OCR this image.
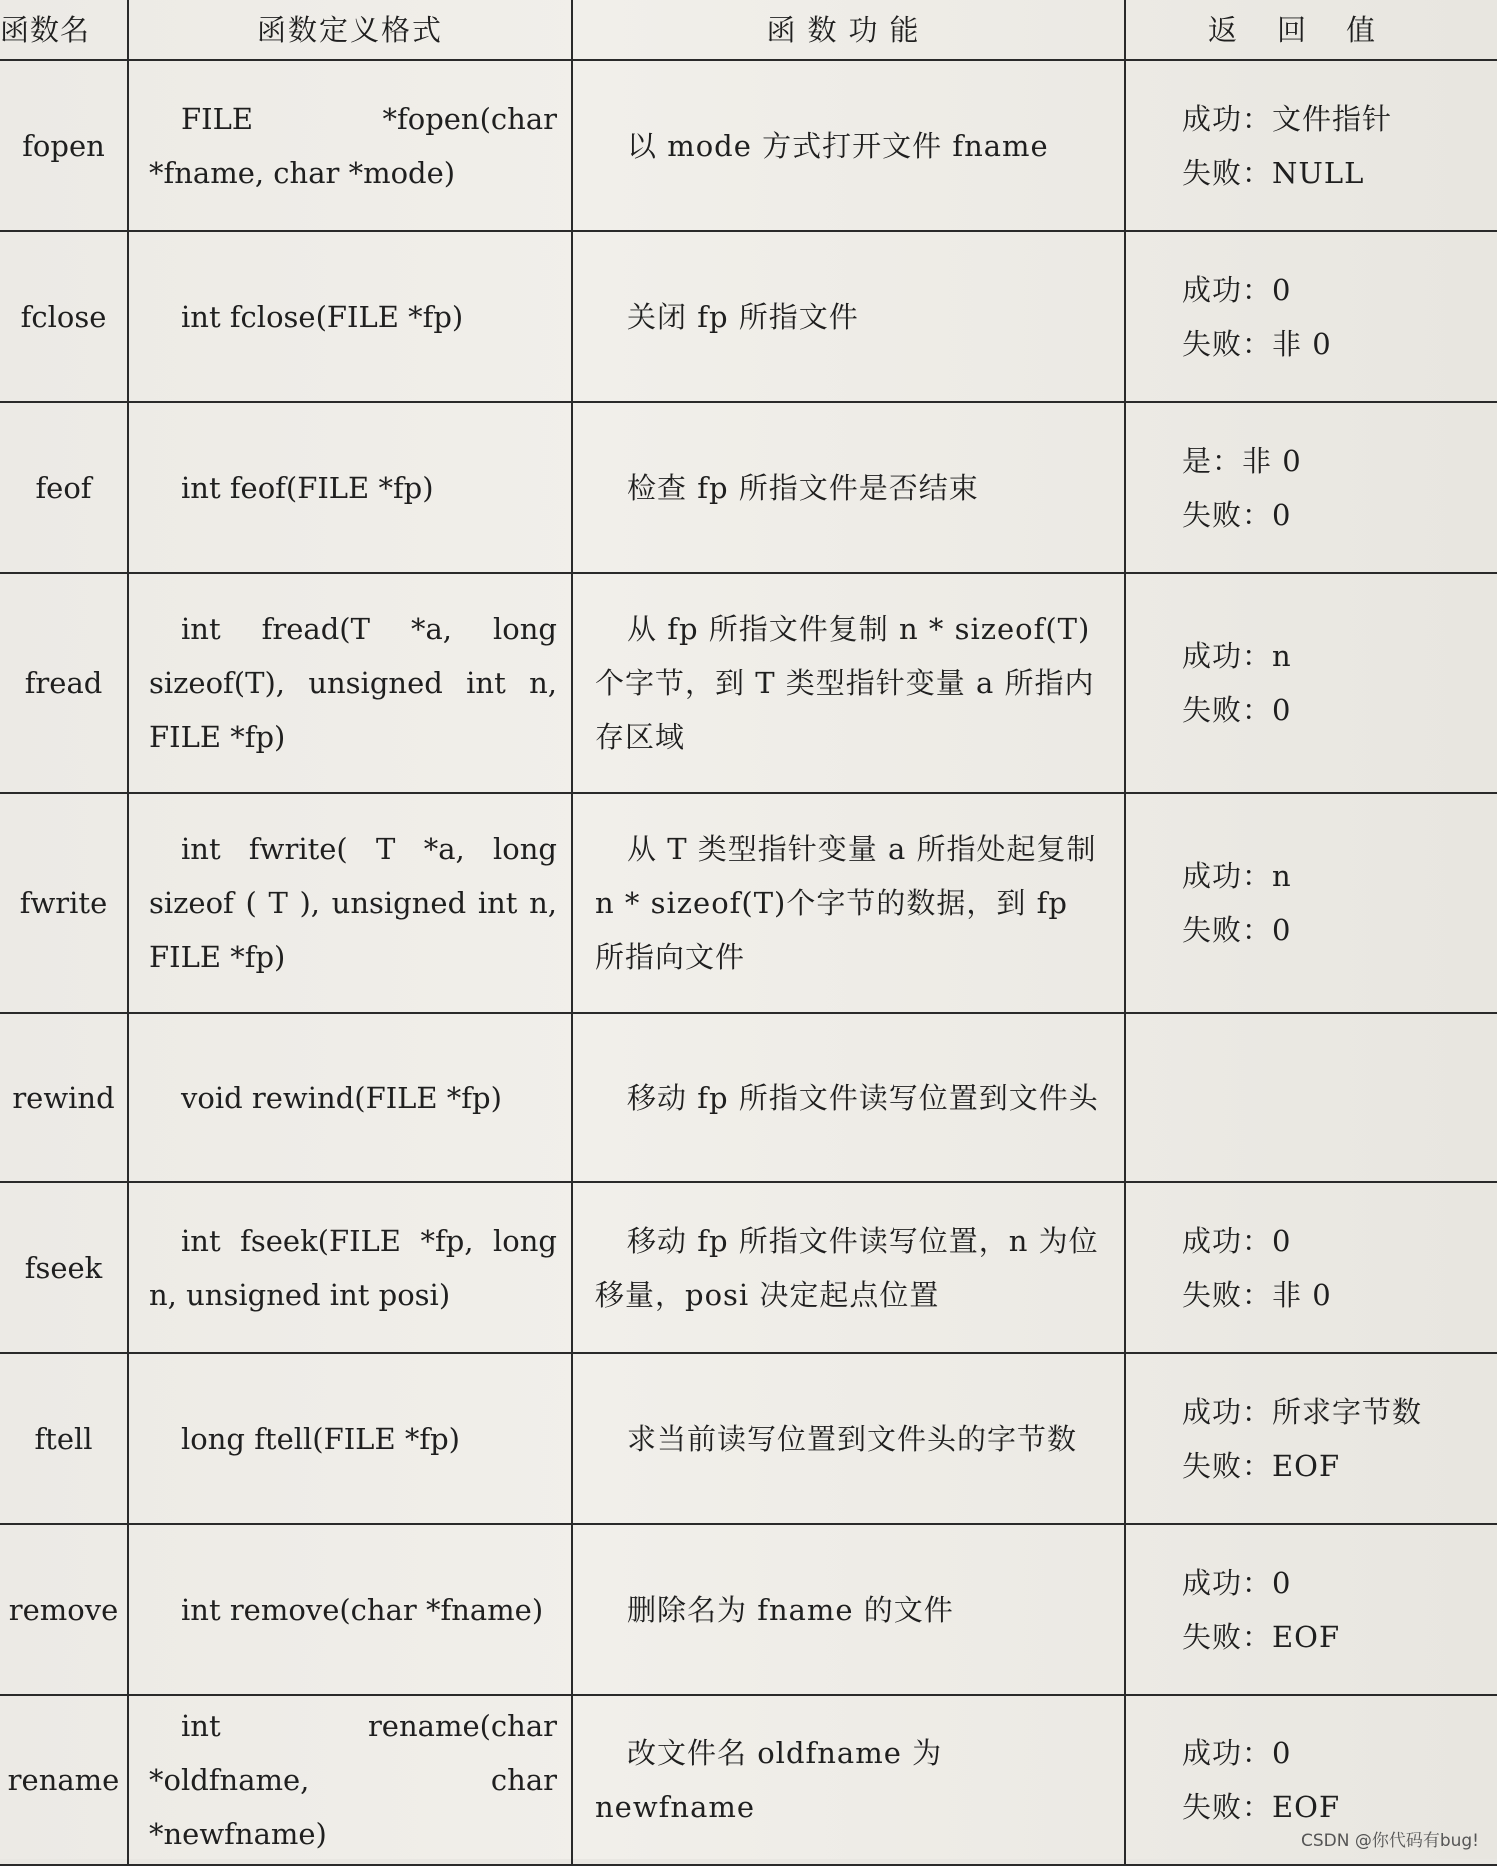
函数名	函数定义格式	函数功能	返回值
fopen	FILE *fopen(char *fname, char *mode)	以 mode 方式打开文件 fname	成功：文件指针
失败：NULL

fclose	int fclose(FILE *fp)	关闭 fp 所指文件	成功：0
失败：非 0

feof	int feof(FILE *fp)	检查 fp 所指文件是否结束	是：非 0
失败：0

fread	int fread(T *a, long sizeof(T), unsigned int n, FILE *fp)	从 fp 所指文件复制 n * sizeof(T) 个字节，到 T 类型指针变量 a 所指内存区域	成功：n
失败：0

fwrite	int fwrite( T *a, long sizeof ( T ), unsigned int n, FILE *fp)	从 T 类型指针变量 a 所指处起复制 n * sizeof(T)个字节的数据，到 fp 所指向文件	成功：n
失败：0

rewind	void rewind(FILE *fp)	移动 fp 所指文件读写位置到文件头	

fseek	int fseek(FILE *fp, long n, unsigned int posi)	移动 fp 所指文件读写位置，n 为位移量，posi 决定起点位置	成功：0
失败：非 0

ftell	long ftell(FILE *fp)	求当前读写位置到文件头的字节数	成功：所求字节数
失败：EOF

remove	int remove(char *fname)	删除名为 fname 的文件	成功：0
失败：EOF

rename	int rename(char *oldfname, char *newfname)	改文件名 oldfname 为 newfname	成功：0
失败：EOF
CSDN @你代码有bug!
